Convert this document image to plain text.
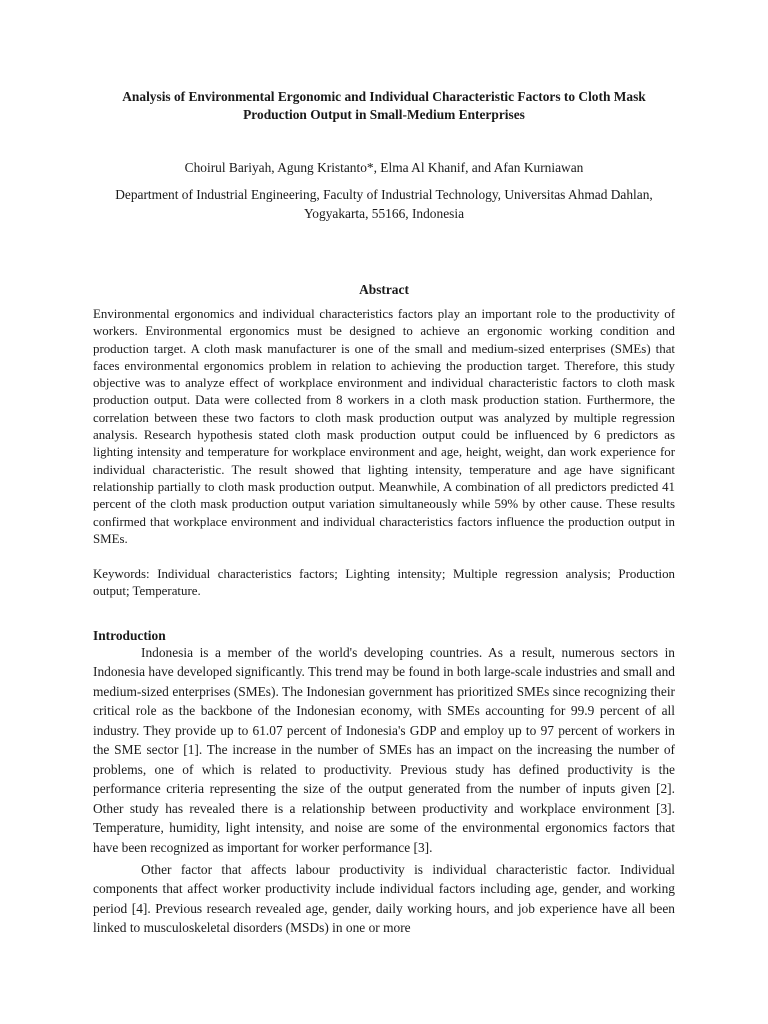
Analysis of Environmental Ergonomic and Individual Characteristic Factors to Cloth Mask Production Output in Small-Medium Enterprises
Choirul Bariyah, Agung Kristanto*, Elma Al Khanif, and Afan Kurniawan
Department of Industrial Engineering, Faculty of Industrial Technology, Universitas Ahmad Dahlan, Yogyakarta, 55166, Indonesia
Abstract

Environmental ergonomics and individual characteristics factors play an important role to the productivity of workers. Environmental ergonomics must be designed to achieve an ergonomic working condition and production target. A cloth mask manufacturer is one of the small and medium-sized enterprises (SMEs) that faces environmental ergonomics problem in relation to achieving the production target. Therefore, this study objective was to analyze effect of workplace environment and individual characteristic factors to cloth mask production output. Data were collected from 8 workers in a cloth mask production station. Furthermore, the correlation between these two factors to cloth mask production output was analyzed by multiple regression analysis. Research hypothesis stated cloth mask production output could be influenced by 6 predictors as lighting intensity and temperature for workplace environment and age, height, weight, dan work experience for individual characteristic. The result showed that lighting intensity, temperature and age have significant relationship partially to cloth mask production output. Meanwhile, A combination of all predictors predicted 41 percent of the cloth mask production output variation simultaneously while 59% by other cause. These results confirmed that workplace environment and individual characteristics factors influence the production output in SMEs.

Keywords: Individual characteristics factors; Lighting intensity; Multiple regression analysis; Production output; Temperature.

Introduction

Indonesia is a member of the world's developing countries. As a result, numerous sectors in Indonesia have developed significantly. This trend may be found in both large-scale industries and small and medium-sized enterprises (SMEs). The Indonesian government has prioritized SMEs since recognizing their critical role as the backbone of the Indonesian economy, with SMEs accounting for 99.9 percent of all industry. They provide up to 61.07 percent of Indonesia's GDP and employ up to 97 percent of workers in the SME sector [1]. The increase in the number of SMEs has an impact on the increasing the number of problems, one of which is related to productivity. Previous study has defined productivity is the performance criteria representing the size of the output generated from the number of inputs given [2]. Other study has revealed there is a relationship between productivity and workplace environment [3]. Temperature, humidity, light intensity, and noise are some of the environmental ergonomics factors that have been recognized as important for worker performance [3].

Other factor that affects labour productivity is individual characteristic factor. Individual components that affect worker productivity include individual factors including age, gender, and working period [4]. Previous research revealed age, gender, daily working hours, and job experience have all been linked to musculoskeletal disorders (MSDs) in one or more
